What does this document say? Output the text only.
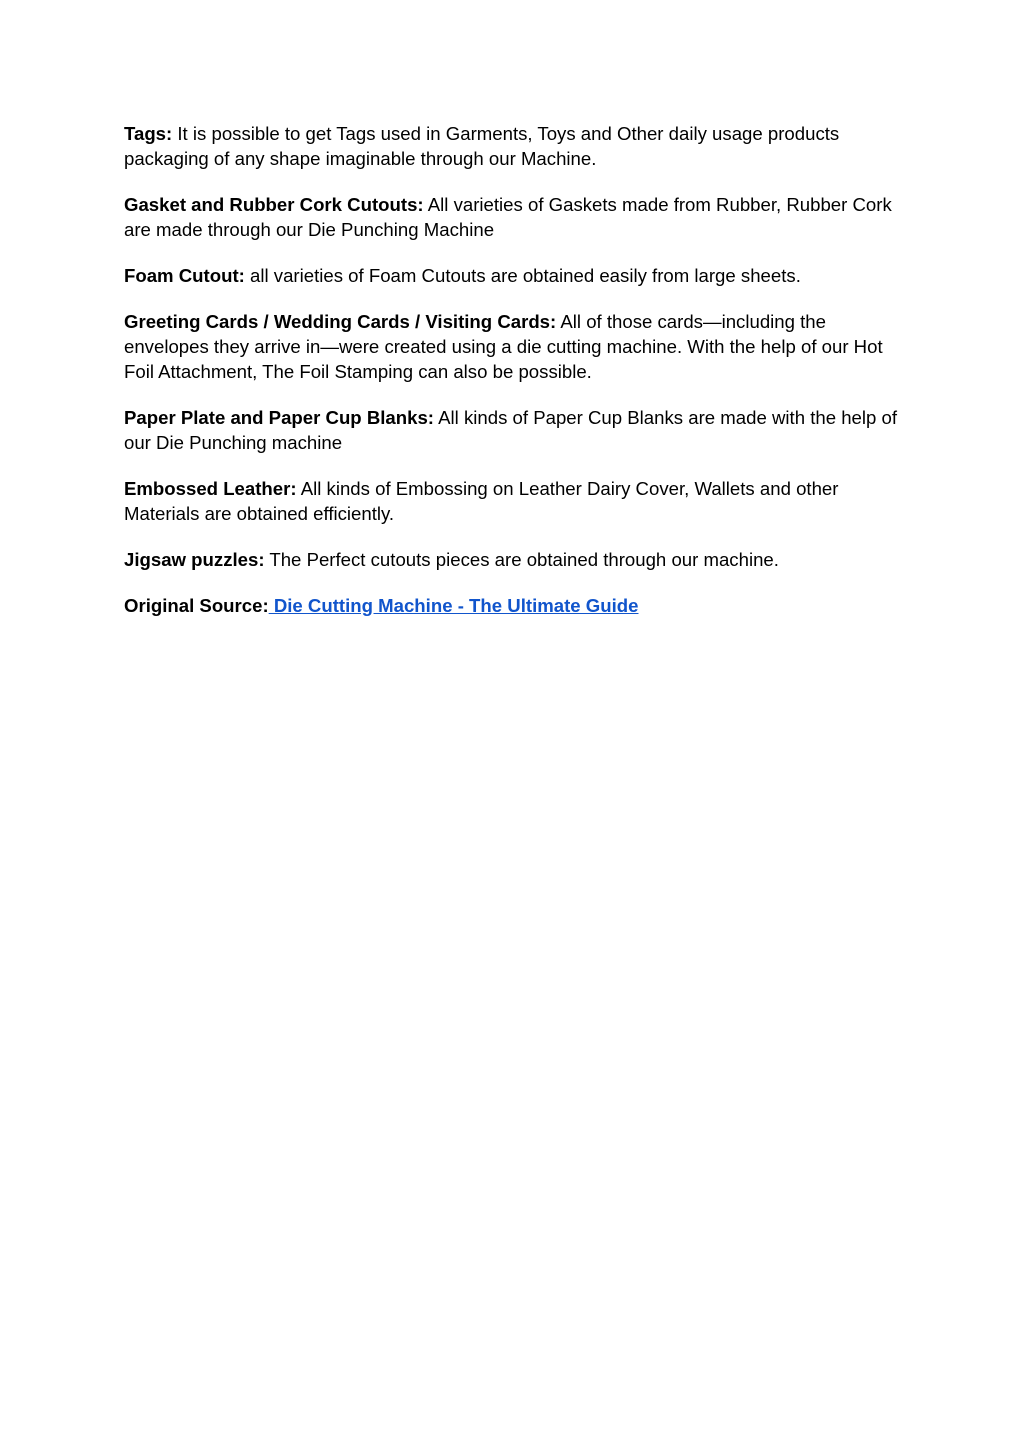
Tags: It is possible to get Tags used in Garments, Toys and Other daily usage products packaging of any shape imaginable through our Machine.

Gasket and Rubber Cork Cutouts: All varieties of Gaskets made from Rubber, Rubber Cork are made through our Die Punching Machine

Foam Cutout: all varieties of Foam Cutouts are obtained easily from large sheets.

Greeting Cards / Wedding Cards / Visiting Cards: All of those cards—including the envelopes they arrive in—were created using a die cutting machine. With the help of our Hot Foil Attachment, The Foil Stamping can also be possible.

Paper Plate and Paper Cup Blanks: All kinds of Paper Cup Blanks are made with the help of our Die Punching machine

Embossed Leather: All kinds of Embossing on Leather Dairy Cover, Wallets and other Materials are obtained efficiently.

Jigsaw puzzles: The Perfect cutouts pieces are obtained through our machine.

Original Source: Die Cutting Machine - The Ultimate Guide
